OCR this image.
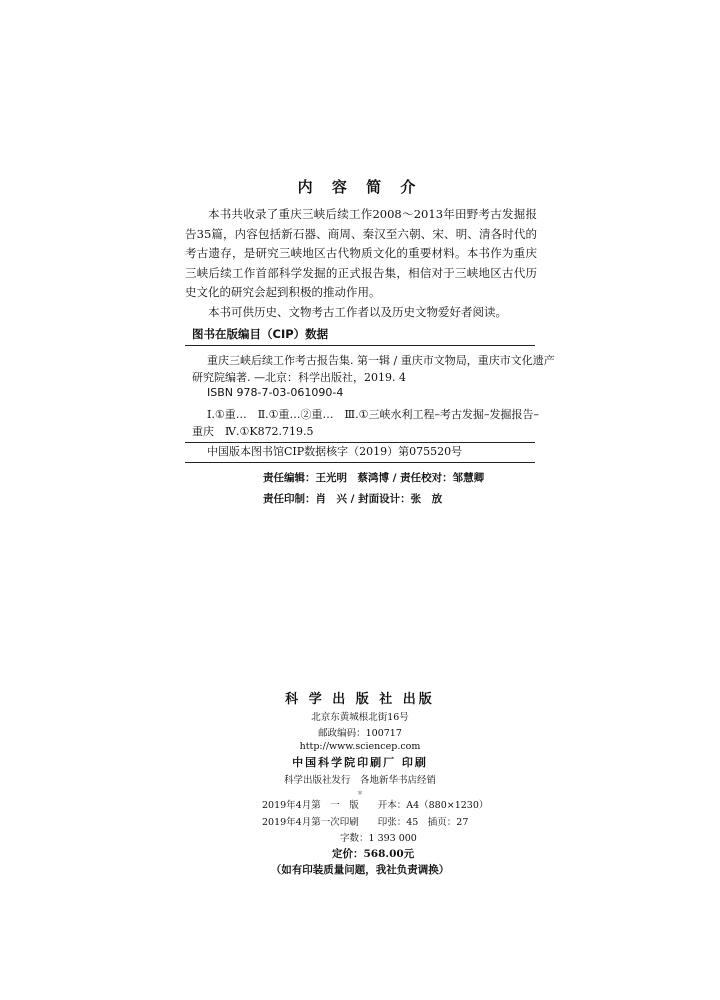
内 容 简 介

本书共收录了重庆三峡后续工作2008～2013年田野考古发掘报告35篇，内容包括新石器、商周、秦汉至六朝、宋、明、清各时代的考古遗存，是研究三峡地区古代物质文化的重要材料。本书作为重庆三峡后续工作首部科学发掘的正式报告集，相信对于三峡地区古代历史文化的研究会起到积极的推动作用。

本书可供历史、文物考古工作者以及历史文物爱好者阅读。

图书在版编目（CIP）数据
重庆三峡后续工作考古报告集. 第一辑 / 重庆市文物局，重庆市文化遗产
研究院编著. —北京：科学出版社，2019. 4
ISBN 978-7-03-061090-4
Ⅰ.①重…　Ⅱ.①重…②重…　Ⅲ.①三峡水利工程–考古发掘–发掘报告–
重庆　Ⅳ.①K872.719.5
中国版本图书馆CIP数据核字（2019）第075520号
责任编辑：王光明　蔡鸿博 / 责任校对：邹慧卿
责任印制：肖　兴 / 封面设计：张　放
科 学 出 版 社 出版
北京东黄城根北街16号
邮政编码：100717
http://www.sciencep.com
中国科学院印刷厂 印刷
科学出版社发行　各地新华书店经销
＊
2019年4月第　一　版　　开本：A4（880×1230）
2019年4月第一次印刷　　印张：45　插页：27
字数：1 393 000
定价：568.00元
（如有印装质量问题，我社负责调换）
